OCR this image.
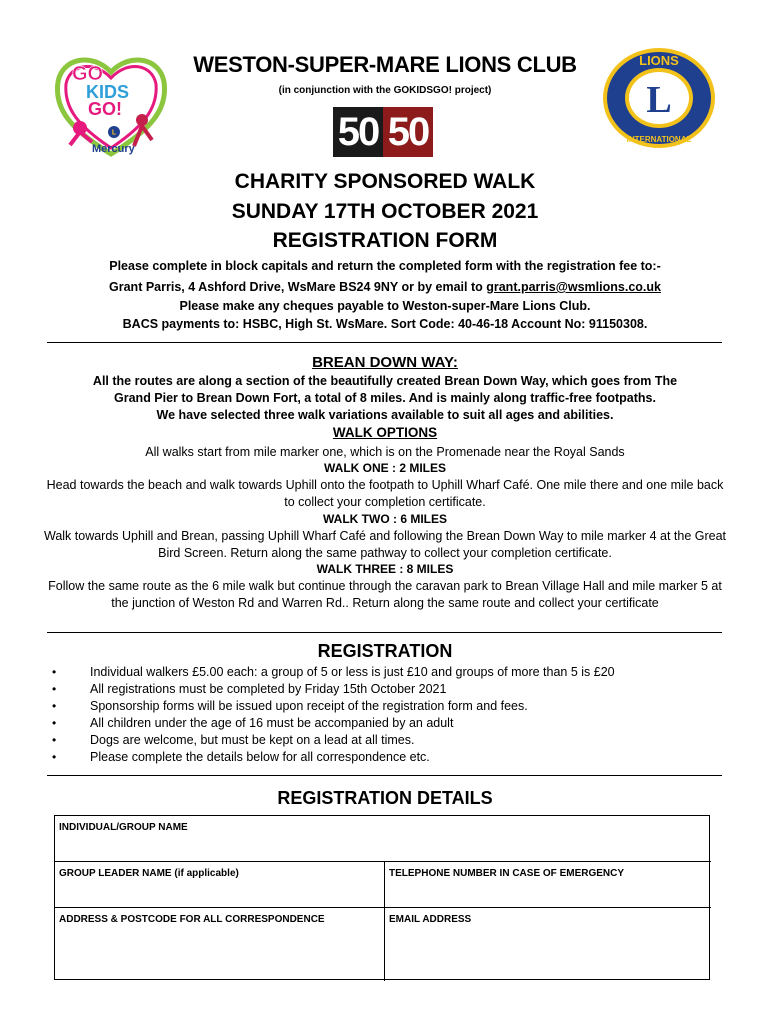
GO
KIDS
GO!
L
Mercury
L
LIONS
INTERNATIONAL
WESTON-SUPER-MARE LIONS CLUB
(in conjunction with the GOKIDSGO! project)
50 50
CHARITY SPONSORED WALK
SUNDAY 17TH OCTOBER 2021
REGISTRATION FORM
Please complete in block capitals and return the completed form with the registration fee to:-
Grant Parris, 4 Ashford Drive, WsMare BS24 9NY or by email to grant.parris@wsmlions.co.uk
Please make any cheques payable to Weston-super-Mare Lions Club.
BACS payments to: HSBC, High St. WsMare. Sort Code: 40-46-18 Account No: 91150308.
BREAN DOWN WAY:
All the routes are along a section of the beautifully created Brean Down Way, which goes from The
Grand Pier to Brean Down Fort, a total of 8 miles. And is mainly along traffic-free footpaths.
We have selected three walk variations available to suit all ages and abilities.
WALK OPTIONS
All walks start from mile marker one, which is on the Promenade near the Royal Sands
WALK ONE : 2 MILES
Head towards the beach and walk towards Uphill onto the footpath to Uphill Wharf Café. One mile there and one mile back to collect your completion certificate.
WALK TWO : 6 MILES
Walk towards Uphill and Brean, passing Uphill Wharf Café and following the Brean Down Way to mile marker 4 at the Great Bird Screen. Return along the same pathway to collect your completion certificate.
WALK THREE : 8 MILES
Follow the same route as the 6 mile walk but continue through the caravan park to Brean Village Hall and mile marker 5 at the junction of Weston Rd and Warren Rd.. Return along the same route and collect your certificate
REGISTRATION
• Individual walkers £5.00 each: a group of 5 or less is just £10 and groups of more than 5 is £20
• All registrations must be completed by Friday 15th October 2021
• Sponsorship forms will be issued upon receipt of the registration form and fees.
• All children under the age of 16 must be accompanied by an adult
• Dogs are welcome, but must be kept on a lead at all times.
• Please complete the details below for all correspondence etc.
REGISTRATION DETAILS
INDIVIDUAL/GROUP NAME
GROUP LEADER NAME (if applicable)	TELEPHONE NUMBER IN CASE OF EMERGENCY
ADDRESS & POSTCODE FOR ALL CORRESPONDENCE	EMAIL ADDRESS
